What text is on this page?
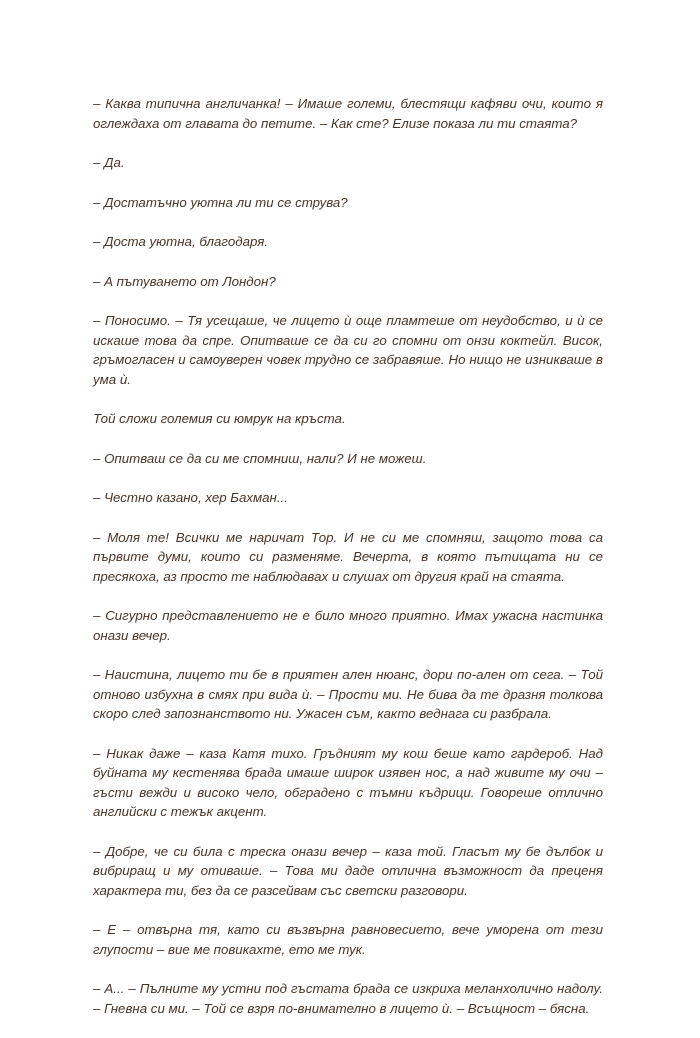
– Каква типична англичанка! – Имаше големи, блестящи кафяви очи, които я оглеждаха от главата до петите. – Как сте? Елизе показа ли ти стаята?

– Да.

– Достатъчно уютна ли ти се струва?

– Доста уютна, благодаря.

– А пътуването от Лондон?

– Поносимо. – Тя усещаше, че лицето ѝ още пламтеше от неудобство, и ѝ се искаше това да спре. Опитваше се да си го спомни от онзи коктейл. Висок, гръмогласен и самоуверен човек трудно се забравяше. Но нищо не изникваше в ума ѝ.

Той сложи големия си юмрук на кръста.

– Опитваш се да си ме спомниш, нали? И не можеш.

– Честно казано, хер Бахман...

– Моля те! Всички ме наричат Тор. И не си ме спомняш, защото това са първите думи, които си разменяме. Вечерта, в която пътищата ни се пресякоха, аз просто те наблюдавах и слушах от другия край на стаята.

– Сигурно представлението не е било много приятно. Имах ужасна настинка онази вечер.

– Наистина, лицето ти бе в приятен ален нюанс, дори по-ален от сега. – Той отново избухна в смях при вида ѝ. – Прости ми. Не бива да те дразня толкова скоро след запознанството ни. Ужасен съм, както веднага си разбрала.

– Никак даже – каза Катя тихо. Гръдният му кош беше като гардероб. Над буйната му кестенява брада имаше широк изявен нос, а над живите му очи – гъсти вежди и високо чело, обградено с тъмни къдрици. Говореше отлично английски с тежък акцент.

– Добре, че си била с треска онази вечер – каза той. Гласът му бе дълбок и вибриращ и му отиваше. – Това ми даде отлична възможност да преценя характера ти, без да се разсейвам със светски разговори.

– Е – отвърна тя, като си възвърна равновесието, вече уморена от тези глупости – вие ме повикахте, ето ме тук.

– А... – Пълните му устни под гъстата брада се изкриха меланхолично надолу. – Гневна си ми. – Той се взря по-внимателно в лицето ѝ. – Всъщност – бясна.
